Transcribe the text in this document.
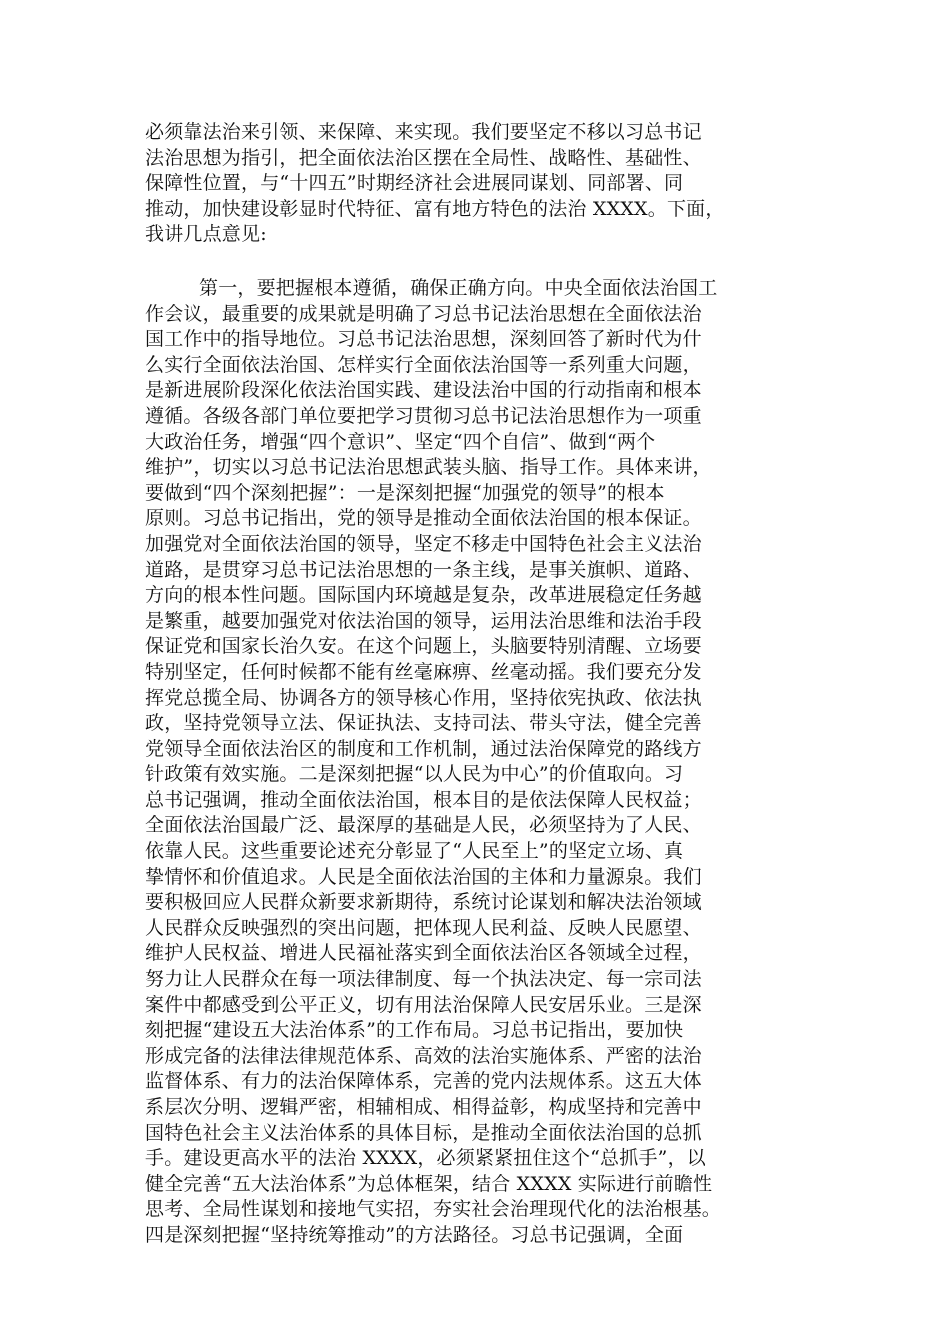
必须靠法治来引领、来保障、来实现。我们要坚定不移以习总书记
法治思想为指引，把全面依法治区摆在全局性、战略性、基础性、
保障性位置，与“十四五”时期经济社会进展同谋划、同部署、同
推动，加快建设彰显时代特征、富有地方特色的法治 XXXX。下面，
我讲几点意见:
第一，要把握根本遵循，确保正确方向。中央全面依法治国工
作会议，最重要的成果就是明确了习总书记法治思想在全面依法治
国工作中的指导地位。习总书记法治思想，深刻回答了新时代为什
么实行全面依法治国、怎样实行全面依法治国等一系列重大问题，
是新进展阶段深化依法治国实践、建设法治中国的行动指南和根本
遵循。各级各部门单位要把学习贯彻习总书记法治思想作为一项重
大政治任务，增强“四个意识”、坚定“四个自信”、做到“两个
维护”，切实以习总书记法治思想武装头脑、指导工作。具体来讲，
要做到“四个深刻把握”：一是深刻把握“加强党的领导”的根本
原则。习总书记指出，党的领导是推动全面依法治国的根本保证。
加强党对全面依法治国的领导，坚定不移走中国特色社会主义法治
道路，是贯穿习总书记法治思想的一条主线，是事关旗帜、道路、
方向的根本性问题。国际国内环境越是复杂，改革进展稳定任务越
是繁重，越要加强党对依法治国的领导，运用法治思维和法治手段
保证党和国家长治久安。在这个问题上，头脑要特别清醒、立场要
特别坚定，任何时候都不能有丝毫麻痹、丝毫动摇。我们要充分发
挥党总揽全局、协调各方的领导核心作用，坚持依宪执政、依法执
政，坚持党领导立法、保证执法、支持司法、带头守法，健全完善
党领导全面依法治区的制度和工作机制，通过法治保障党的路线方
针政策有效实施。二是深刻把握“以人民为中心”的价值取向。习
总书记强调，推动全面依法治国，根本目的是依法保障人民权益；
全面依法治国最广泛、最深厚的基础是人民，必须坚持为了人民、
依靠人民。这些重要论述充分彰显了“人民至上”的坚定立场、真
挚情怀和价值追求。人民是全面依法治国的主体和力量源泉。我们
要积极回应人民群众新要求新期待，系统讨论谋划和解决法治领域
人民群众反映强烈的突出问题，把体现人民利益、反映人民愿望、
维护人民权益、增进人民福祉落实到全面依法治区各领域全过程，
努力让人民群众在每一项法律制度、每一个执法决定、每一宗司法
案件中都感受到公平正义，切有用法治保障人民安居乐业。三是深
刻把握“建设五大法治体系”的工作布局。习总书记指出，要加快
形成完备的法律法律规范体系、高效的法治实施体系、严密的法治
监督体系、有力的法治保障体系，完善的党内法规体系。这五大体
系层次分明、逻辑严密，相辅相成、相得益彰，构成坚持和完善中
国特色社会主义法治体系的具体目标，是推动全面依法治国的总抓
手。建设更高水平的法治 XXXX，必须紧紧扭住这个“总抓手”，以
健全完善“五大法治体系”为总体框架，结合 XXXX 实际进行前瞻性
思考、全局性谋划和接地气实招，夯实社会治理现代化的法治根基。
四是深刻把握“坚持统筹推动”的方法路径。习总书记强调，全面
